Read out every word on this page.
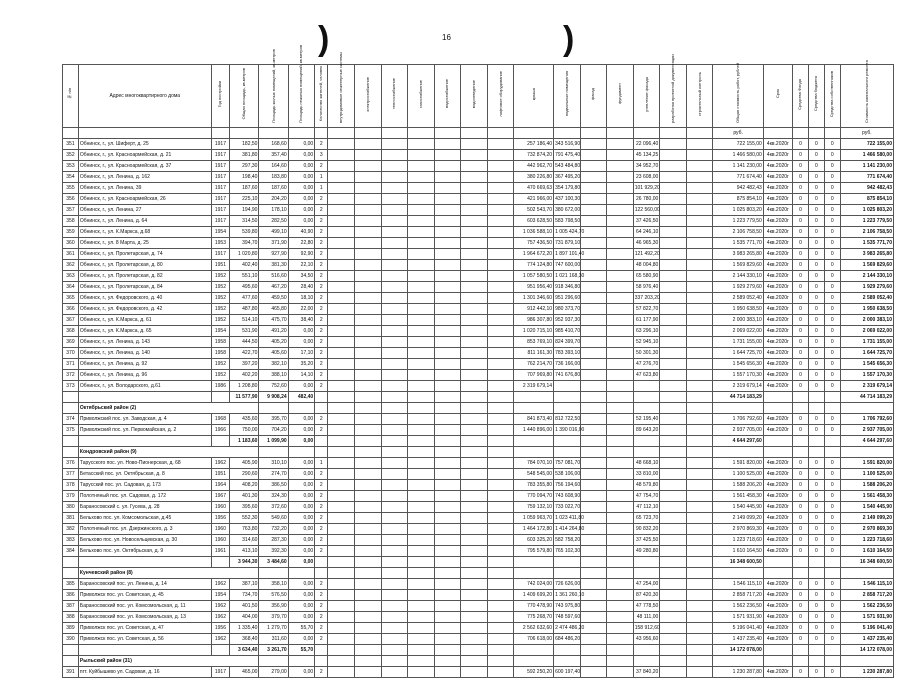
)	16	)
№ п/п	Адрес многоквартирного дома	Год постройки	Общая площадь, кв.метров	Площадь жилых помещений, кв.метров	Площадь нежилых помещений, кв.метров	Количество жителей, человек	внутридомовые инженерные системы	электроснабжение	теплоснабжение	газоснабжение	водоснабжение	водоотведение	лифтовое оборудование	крыша	подвальные помещения	фасад	фундамент	утепление фасада	разработка проектной документации	строительный контроль	Общая стоимость работ, рублей	Срок	Средства Фонда	Средства бюджета	Средства собственников	Стоимость капитального ремонта
																					руб.					руб.
351	Обнинск, г., ул. Шиферт, д. 25	1917	182,50	168,60	0,00	2								257 186,40	343 516,90			22 096,40			722 155,00	4кв.2020г	0	0	0	722 155,00
352	Обнинск, г., ул. Красноармейская, д. 21	1917	381,80	357,40	0,00	3								732 874,20	791 475,40			45 134,25			1 466 580,00	4кв.2020г	0	0	0	1 466 580,00
353	Обнинск, г., ул. Красноармейская, д. 37	1917	297,30	164,60	0,00	2								442 962,70	543 484,80			34 952,70			1 141 230,00	4кв.2020г	0	0	0	1 141 230,00
354	Обнинск, г., ул. Ленина, д. 162	1917	198,40	183,80	0,00	1								380 226,80	367 495,20			23 608,00			771 674,40	4кв.2020г	0	0	0	771 674,40
355	Обнинск, г., ул. Ленина, 39	1917	187,60	187,60	0,00	1								470 669,63	354 179,80			101 929,20			942 482,43	4кв.2020г	0	0	0	942 482,43
356	Обнинск, г., ул. Красноармейская, 26	1917	225,10	204,20	0,00	2								421 966,00	437 100,30			26 780,00			875 854,10	4кв.2020г	0	0	0	875 854,10
357	Обнинск, г., ул. Ленина, 27	1917	194,90	178,10	0,00	2								502 543,70	380 672,00			122 560,00			1 025 803,20	4кв.2020г	0	0	0	1 025 803,20
358	Обнинск, г., ул. Ленина, д. 64	1917	314,50	282,50	0,00	2								603 628,50	583 798,50			37 426,50			1 223 779,50	4кв.2020г	0	0	0	1 223 779,50
359	Обнинск, г., ул. К.Маркса, д.68	1954	539,80	499,10	40,90	2								1 036 588,10	1 005 424,70			64 246,10			2 106 758,50	4кв.2020г	0	0	0	2 106 758,50
360	Обнинск, г., ул. 8 Марта, д. 25	1953	394,70	371,90	22,80	2								757 436,50	731 879,10			46 965,30			1 535 771,70	4кв.2020г	0	0	0	1 535 771,70
361	Обнинск, г., ул. Пролетарская, д. 74	1917	1 020,80	927,90	92,90	2								1 964 672,20	1 897 101,40			121 492,20			3 983 265,80	4кв.2020г	0	0	0	3 983 265,80
362	Обнинск, г., ул. Пролетарская, д. 80	1951	402,40	381,30	22,10	2								774 124,80	747 600,00			48 004,80			1 569 829,60	4кв.2020г	0	0	0	1 569 829,60
363	Обнинск, г., ул. Пролетарская, д. 82	1952	551,10	516,60	34,50	2								1 057 580,50	1 021 168,30			65 580,90			2 144 330,10	4кв.2020г	0	0	0	2 144 330,10
364	Обнинск, г., ул. Пролетарская, д. 84	1952	495,60	467,20	28,40	2								951 956,40	918 346,80			58 976,40			1 929 279,60	4кв.2020г	0	0	0	1 929 279,60
365	Обнинск, г., ул. Федоровского, д. 40	1952	477,60	459,50	18,10	2								1 301 346,60	951 296,60			337 203,20			2 589 052,40	4кв.2020г	0	0	0	2 589 052,40
366	Обнинск, г., ул. Федоровского, д. 42	1952	487,80	465,80	22,00	2								912 442,10	980 373,70			57 822,70			1 950 638,50	4кв.2020г	0	0	0	1 950 638,50
367	Обнинск, г., ул. К.Маркса, д. 61	1952	514,10	475,70	38,40	2								986 307,80	952 937,30			61 177,90			2 000 383,10	4кв.2020г	0	0	0	2 000 383,10
368	Обнинск, г., ул. К.Маркса, д. 65	1954	531,90	491,20	0,00	2								1 020 715,10	985 410,70			63 296,10			2 069 022,00	4кв.2020г	0	0	0	2 069 022,00
369	Обнинск, г., ул. Ленина, д. 143	1958	444,50	405,20	0,00	2								853 769,10	824 399,70			52 945,10			1 731 155,00	4кв.2020г	0	0	0	1 731 155,00
370	Обнинск, г., ул. Ленина, д. 140	1958	422,70	405,60	17,10	2								811 161,30	783 393,10			50 301,30			1 644 725,70	4кв.2020г	0	0	0	1 644 725,70
371	Обнинск, г., ул. Ленина, д. 92	1952	397,20	382,10	35,20	2								762 214,70	736 166,00			47 276,70			1 545 656,30	4кв.2020г	0	0	0	1 545 656,30
372	Обнинск, г., ул. Ленина, д. 96	1952	402,20	388,10	14,10	2								707 969,80	741 676,80			47 623,80			1 557 170,30	4кв.2020г	0	0	0	1 557 170,30
373	Обнинск, г., ул. Володарского, д.61	1986	1 208,80	752,60	0,00	2								2 319 679,14							2 319 679,14	4кв.2020г	0	0	0	2 319 679,14
			11 577,90	9 908,24	482,40																44 714 183,29					44 714 183,29
	Октябрьский район (2)																									
374	Приволжский пос. ул. Заводская, д. 4	1968	435,60	395,70	0,00	2								841 873,40	812 722,50			52 195,40			1 706 792,60	4кв.2020г	0	0	0	1 706 792,60
375	Приволжский пос. ул. Первомайская, д. 2	1966	750,00	704,20	0,00	2								1 440 896,00	1 390 016,00			89 643,20			2 937 705,00	4кв.2020г	0	0	0	2 937 705,00
			1 183,60	1 099,90	0,00																4 644 297,60					4 644 297,60
	Кондровский район (9)																									
376	Тарусского пос. ул. Ново-Пионерская, д. 68	1962	405,90	310,10	0,00	1								784 070,10	757 081,70			48 668,10			1 591 820,00	4кв.2020г	0	0	0	1 591 820,00
377	Бетасский пос. ул. Октябрьская, д. 8	1951	290,60	274,70	0,00	2								548 545,00	538 106,00			33 810,00			1 100 525,00	4кв.2020г	0	0	0	1 100 525,00
378	Тарусский пос. ул. Садовая, д. 173	1964	408,20	386,50	0,00	2								783 355,80	756 194,60			48 579,80			1 588 206,20	4кв.2020г	0	0	0	1 588 206,20
379	Полотняный пос. ул. Садовая, д. 172	1967	401,30	324,30	0,00	2								770 094,70	743 608,90			47 754,70			1 561 458,30	4кв.2020г	0	0	0	1 561 458,30
380	Бараносовский с. ул. Гусева, д. 28	1960	395,60	372,60	0,00	2								759 132,10	733 022,70			47 112,10			1 540 445,90	4кв.2020г	0	0	0	1 540 445,90
381	Бельхово пос. ул. Комсомольская, д.45	1956	552,30	549,60	0,00	2								1 059 963,70	1 023 411,80			65 723,70			2 149 099,20	4кв.2020г	0	0	0	2 149 099,20
382	Полотняный пос. ул. Дзержинского, д. 3	1960	763,80	732,20	0,00	2								1 464 172,80	1 414 264,80			90 832,20			2 970 869,30	4кв.2020г	0	0	0	2 970 869,30
383	Бельхово пос. ул. Новосельцевская, д. 30	1960	314,60	287,30	0,00	2								603 325,20	582 758,20			37 425,50			1 223 718,60	4кв.2020г	0	0	0	1 223 718,60
384	Бельхово пос. ул. Октябрьская, д. 9	1961	413,10	392,30	0,00	2								795 579,80	765 102,30			49 280,80			1 610 164,50	4кв.2020г	0	0	0	1 610 164,50
			3 944,30	3 484,60	0,00																16 348 600,50					16 348 600,50
	Кунчевский район (8)																									
385	Бараносовский пос. ул. Ленина, д. 14	1962	387,10	358,10	0,00	2								742 024,00	726 626,00			47 254,00			1 546 115,10	4кв.2020г	0	0	0	1 546 115,10
386	Приволжск пос. ул. Советская, д. 45	1954	734,70	576,50	0,00	2								1 409 699,20	1 361 260,10			87 420,30			2 858 717,20	4кв.2020г	0	0	0	2 858 717,20
387	Бараносовский пос. ул. Комсомольская, д. 11	1962	401,50	356,90	0,00	2								770 478,90	743 975,80			47 778,50			1 562 236,50	4кв.2020г	0	0	0	1 562 236,50
388	Бараносовский пос. ул. Комсомольская, д. 13	1962	404,00	379,70	0,00	2								775 268,70	748 597,60			48 111,00			1 571 931,90	4кв.2020г	0	0	0	1 571 931,90
389	Приволжск пос. ул. Советская, д. 47	1956	1 335,40	1 279,70	55,70	2								2 562 632,60	2 474 486,20			158 912,60			5 196 041,40	4кв.2020г	0	0	0	5 196 041,40
390	Приволжск пос. ул. Советская, д. 56	1962	368,40	311,60	0,00	2								706 618,00	684 486,20			43 956,60			1 437 235,40	4кв.2020г	0	0	0	1 437 235,40
			3 634,40	3 261,70	55,70																14 172 078,00					14 172 078,00
	Рыльский район (31)																									
391	пгт. Куйбышево ул. Садовая, д. 16	1917	465,00	279,00	0,00	2								592 250,20	600 197,40			37 840,20			1 230 287,80	4кв.2020г	0	0	0	1 230 287,80
